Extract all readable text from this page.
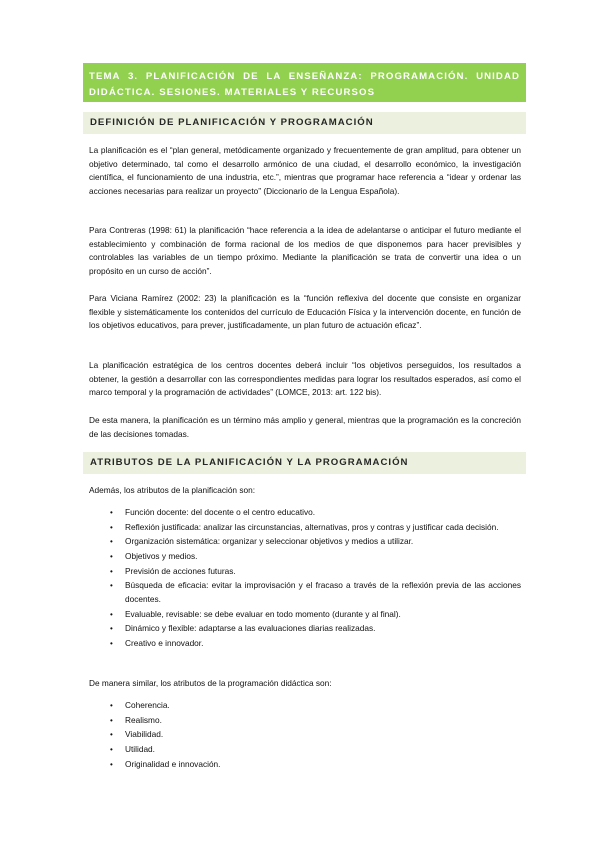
TEMA 3. PLANIFICACIÓN DE LA ENSEÑANZA: PROGRAMACIÓN. UNIDAD DIDÁCTICA. SESIONES. MATERIALES Y RECURSOS
DEFINICIÓN DE PLANIFICACIÓN Y PROGRAMACIÓN

La planificación es el “plan general, metódicamente organizado y frecuentemente de gran amplitud, para obtener un objetivo determinado, tal como el desarrollo armónico de una ciudad, el desarrollo económico, la investigación científica, el funcionamiento de una industria, etc.”, mientras que programar hace referencia a “idear y ordenar las acciones necesarias para realizar un proyecto” (Diccionario de la Lengua Española).

Para Contreras (1998: 61) la planificación “hace referencia a la idea de adelantarse o anticipar el futuro mediante el establecimiento y combinación de forma racional de los medios de que disponemos para hacer previsibles y controlables las variables de un tiempo próximo. Mediante la planificación se trata de convertir una idea o un propósito en un curso de acción”.

Para Viciana Ramírez (2002: 23) la planificación es la “función reflexiva del docente que consiste en organizar flexible y sistemáticamente los contenidos del currículo de Educación Física y la intervención docente, en función de los objetivos educativos, para prever, justificadamente, un plan futuro de actuación eficaz”.

La planificación estratégica de los centros docentes deberá incluir “los objetivos perseguidos, los resultados a obtener, la gestión a desarrollar con las correspondientes medidas para lograr los resultados esperados, así como el marco temporal y la programación de actividades” (LOMCE, 2013: art. 122 bis).

De esta manera, la planificación es un término más amplio y general, mientras que la programación es la concreción de las decisiones tomadas.

ATRIBUTOS DE LA PLANIFICACIÓN Y LA PROGRAMACIÓN

Además, los atributos de la planificación son:

• Función docente: del docente o el centro educativo.
• Reflexión justificada: analizar las circunstancias, alternativas, pros y contras y justificar cada decisión.
• Organización sistemática: organizar y seleccionar objetivos y medios a utilizar.
• Objetivos y medios.
• Previsión de acciones futuras.
• Búsqueda de eficacia: evitar la improvisación y el fracaso a través de la reflexión previa de las acciones docentes.
• Evaluable, revisable: se debe evaluar en todo momento (durante y al final).
• Dinámico y flexible: adaptarse a las evaluaciones diarias realizadas.
• Creativo e innovador.

De manera similar, los atributos de la programación didáctica son:

• Coherencia.
• Realismo.
• Viabilidad.
• Utilidad.
• Originalidad e innovación.
